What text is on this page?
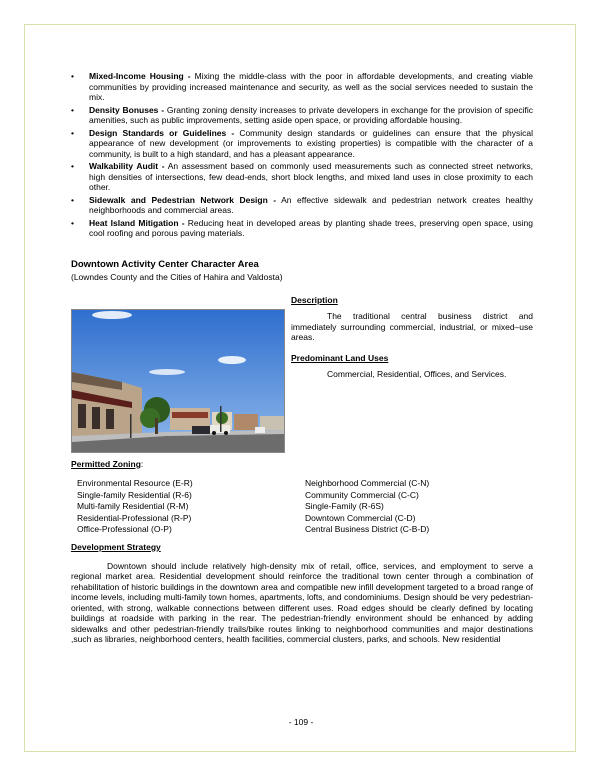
• Mixed-Income Housing - Mixing the middle-class with the poor in affordable developments, and creating viable communities by providing increased maintenance and security, as well as the social services needed to sustain the mix.
• Density Bonuses - Granting zoning density increases to private developers in exchange for the provision of specific amenities, such as public improvements, setting aside open space, or providing affordable housing.
• Design Standards or Guidelines - Community design standards or guidelines can ensure that the physical appearance of new development (or improvements to existing properties) is compatible with the character of a community, is built to a high standard, and has a pleasant appearance.
• Walkability Audit - An assessment based on commonly used measurements such as connected street networks, high densities of intersections, few dead-ends, short block lengths, and mixed land uses in close proximity to each other.
• Sidewalk and Pedestrian Network Design - An effective sidewalk and pedestrian network creates healthy neighborhoods and commercial areas.
• Heat Island Mitigation - Reducing heat in developed areas by planting shade trees, preserving open space, using cool roofing and porous paving materials.
Downtown Activity Center Character Area
(Lowndes County and the Cities of Hahira and Valdosta)
Description

The traditional central business district and immediately surrounding commercial, industrial, or mixed–use areas.

Predominant Land Uses

Commercial, Residential, Offices, and Services.

Permitted Zoning:
Environmental Resource (E-R)
Single-family Residential (R-6)
Multi-family Residential (R-M)
Residential-Professional (R-P)
Office-Professional (O-P)
Neighborhood Commercial (C-N)
Community Commercial (C-C)
Single-Family (R-6S)
Downtown Commercial (C-D)
Central Business District (C-B-D)
Development Strategy

Downtown should include relatively high-density mix of retail, office, services, and employment to serve a regional market area. Residential development should reinforce the traditional town center through a combination of rehabilitation of historic buildings in the downtown area and compatible new infill development targeted to a broad range of income levels, including multi-family town homes, apartments, lofts, and condominiums. Design should be very pedestrian-oriented, with strong, walkable connections between different uses. Road edges should be clearly defined by locating buildings at roadside with parking in the rear. The pedestrian-friendly environment should be enhanced by adding sidewalks and other pedestrian-friendly trails/bike routes linking to neighborhood communities and major destinations ,such as libraries, neighborhood centers, health facilities, commercial clusters, parks, and schools. New residential

- 109 -
